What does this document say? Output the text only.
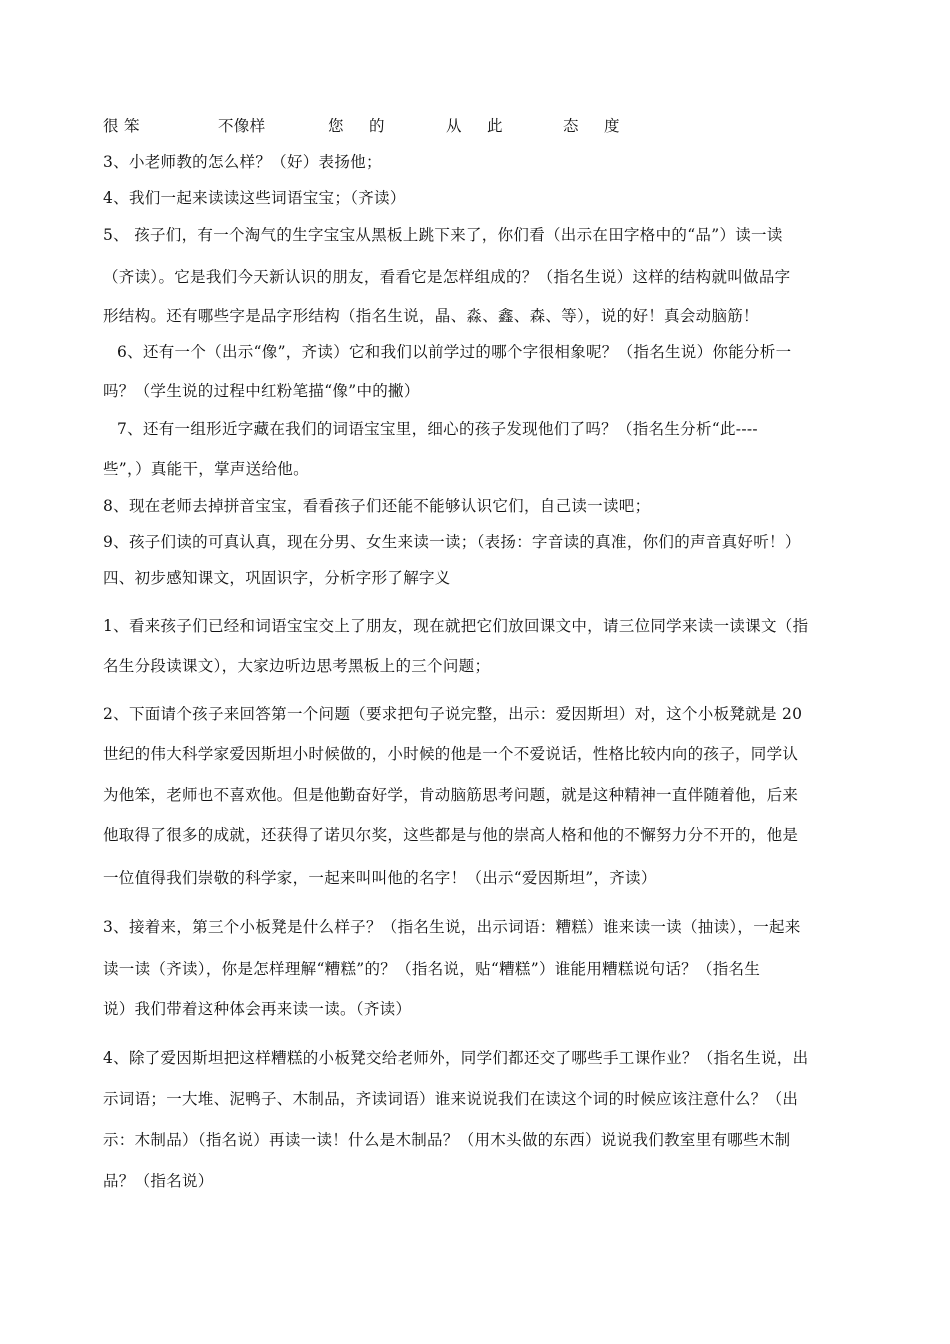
很 笨	不像样	您 的	从 此	态 度
3、小老师教的怎么样？（好）表扬他；
4、我们一起来读读这些词语宝宝；（齐读）
5、 孩子们，有一个淘气的生字宝宝从黑板上跳下来了，你们看（出示在田字格中的“品”）读一读
（齐读）。它是我们今天新认识的朋友，看看它是怎样组成的？（指名生说）这样的结构就叫做品字
形结构。还有哪些字是品字形结构（指名生说，晶、淼、鑫、森、等），说的好！真会动脑筋！
6、还有一个（出示“像”，齐读）它和我们以前学过的哪个字很相象呢？（指名生说）你能分析一
吗？（学生说的过程中红粉笔描“像”中的撇）
7、还有一组形近字藏在我们的词语宝宝里，细心的孩子发现他们了吗？（指名生分析“此----
些”，）真能干，掌声送给他。
8、现在老师去掉拼音宝宝，看看孩子们还能不能够认识它们，自己读一读吧；
9、孩子们读的可真认真，现在分男、女生来读一读；（表扬：字音读的真准，你们的声音真好听！）
四、初步感知课文，巩固识字，分析字形了解字义
1、看来孩子们已经和词语宝宝交上了朋友，现在就把它们放回课文中，请三位同学来读一读课文（指
名生分段读课文），大家边听边思考黑板上的三个问题；
2、下面请个孩子来回答第一个问题（要求把句子说完整，出示：爱因斯坦）对，这个小板凳就是 20
世纪的伟大科学家爱因斯坦小时候做的，小时候的他是一个不爱说话，性格比较内向的孩子，同学认
为他笨，老师也不喜欢他。但是他勤奋好学，肯动脑筋思考问题，就是这种精神一直伴随着他，后来
他取得了很多的成就，还获得了诺贝尔奖，这些都是与他的崇高人格和他的不懈努力分不开的，他是
一位值得我们崇敬的科学家，一起来叫叫他的名字！（出示“爱因斯坦”，齐读）
3、接着来，第三个小板凳是什么样子？（指名生说，出示词语：糟糕）谁来读一读（抽读），一起来
读一读（齐读），你是怎样理解“糟糕”的？（指名说，贴“糟糕”）谁能用糟糕说句话？（指名生
说）我们带着这种体会再来读一读。（齐读）
4、除了爱因斯坦把这样糟糕的小板凳交给老师外，同学们都还交了哪些手工课作业？（指名生说，出
示词语；一大堆、泥鸭子、木制品，齐读词语）谁来说说我们在读这个词的时候应该注意什么？（出
示：木制品）（指名说）再读一读！什么是木制品？（用木头做的东西）说说我们教室里有哪些木制
品？（指名说）
